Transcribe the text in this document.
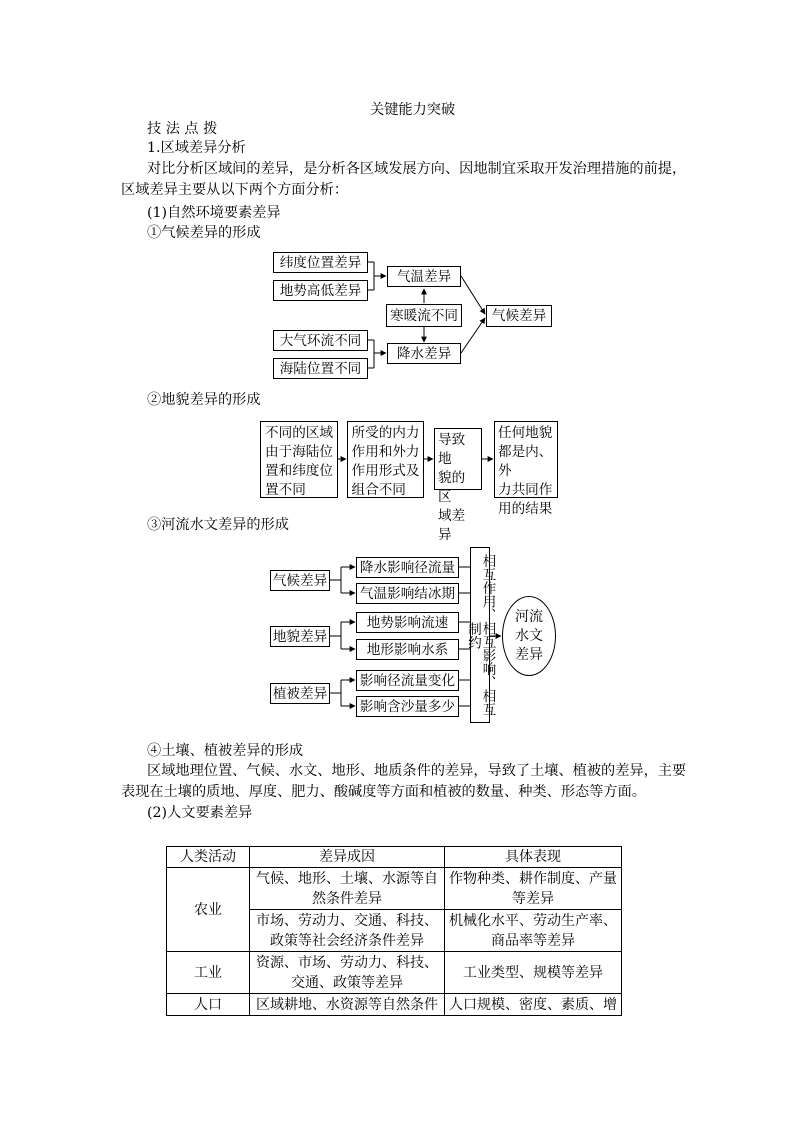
关键能力突破
技 法 点 拨
1.区域差异分析
对比分析区域间的差异，是分析各区域发展方向、因地制宜采取开发治理措施的前提，
区域差异主要从以下两个方面分析：
(1)自然环境要素差异
①气候差异的形成
纬度位置差异
地势高低差异
气温差异
寒暖流不同	气候差异
大气环流不同
海陆位置不同
降水差异
②地貌差异的形成
不同的区域
由于海陆位
置和纬度位
置不同
所受的内力
作用和外力
作用形式及
组合不同
导致地
貌的区
域差异
任何地貌
都是内、外
力共同作
用的结果
③河流水文差异的形成
气候差异
地貌差异
植被差异
降水影响径流量
气温影响结冰期
地势影响流速
地形影响水系
影响径流量变化
影响含沙量多少	相互作用、相互影响、相互制约
河流
水文
差异
④土壤、植被差异的形成
区域地理位置、气候、水文、地形、地质条件的差异，导致了土壤、植被的差异，主要
表现在土壤的质地、厚度、肥力、酸碱度等方面和植被的数量、种类、形态等方面。
(2)人文要素差异
人类活动	差异成因	具体表现
农业	气候、地形、土壤、水源等自
然条件差异	作物种类、耕作制度、产量
等差异
	市场、劳动力、交通、科技、
政策等社会经济条件差异	机械化水平、劳动生产率、
商品率等差异
工业	资源、市场、劳动力、科技、
交通、政策等差异	工业类型、规模等差异
人口	区域耕地、水资源等自然条件	人口规模、密度、素质、增
